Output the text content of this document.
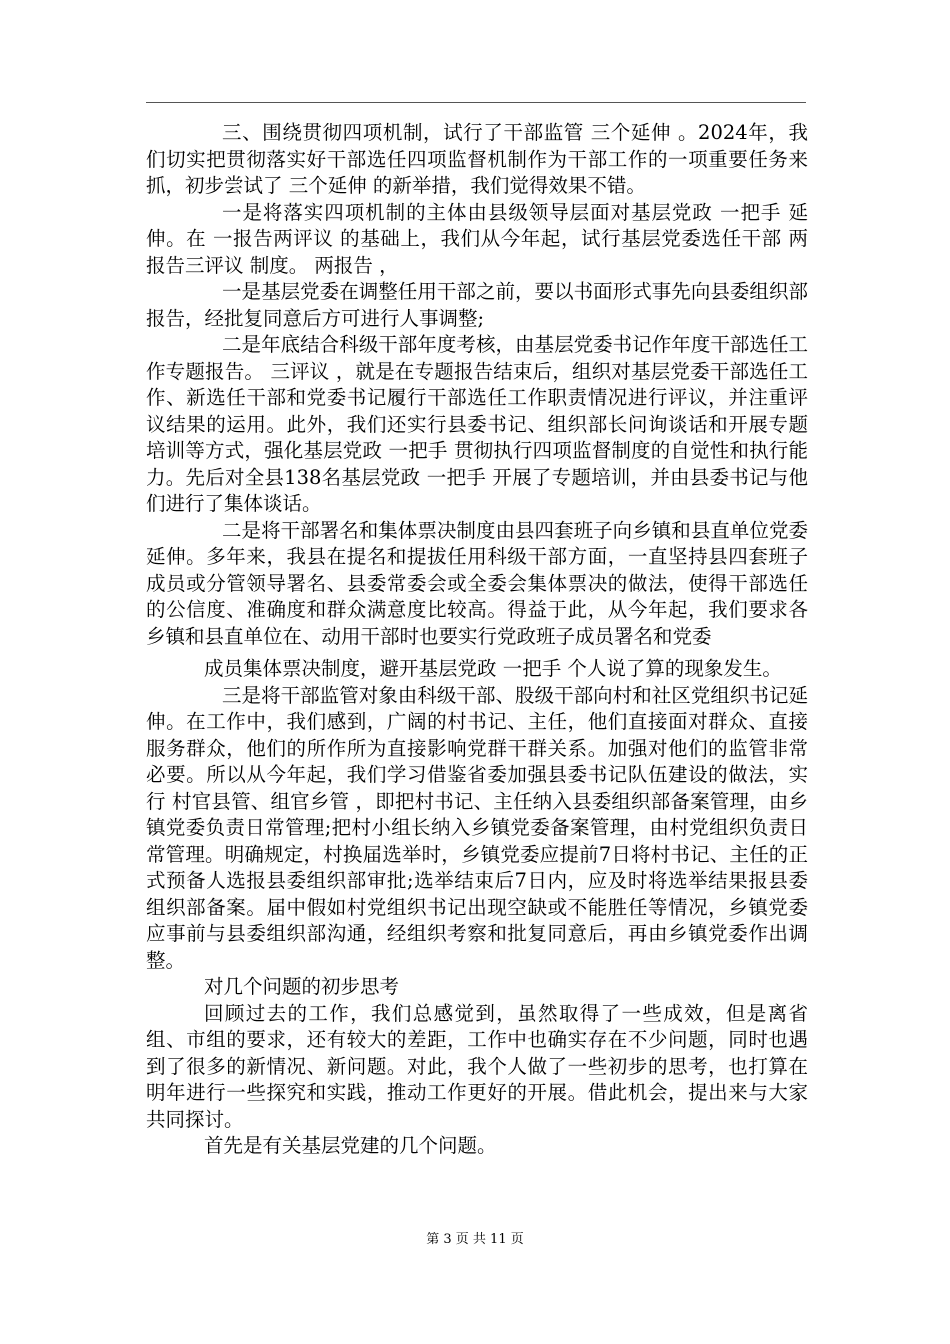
三、围绕贯彻四项机制，试行了干部监管 三个延伸 。2024年，我们切实把贯彻落实好干部选任四项监督机制作为干部工作的一项重要任务来抓，初步尝试了 三个延伸 的新举措，我们觉得效果不错。

一是将落实四项机制的主体由县级领导层面对基层党政 一把手 延伸。在 一报告两评议 的基础上，我们从今年起，试行基层党委选任干部 两报告三评议 制度。 两报告 ，

一是基层党委在调整任用干部之前，要以书面形式事先向县委组织部报告，经批复同意后方可进行人事调整;

二是年底结合科级干部年度考核，由基层党委书记作年度干部选任工作专题报告。 三评议 ，就是在专题报告结束后，组织对基层党委干部选任工作、新选任干部和党委书记履行干部选任工作职责情况进行评议，并注重评议结果的运用。此外，我们还实行县委书记、组织部长问询谈话和开展专题培训等方式，强化基层党政 一把手 贯彻执行四项监督制度的自觉性和执行能力。先后对全县138名基层党政 一把手 开展了专题培训，并由县委书记与他们进行了集体谈话。

二是将干部署名和集体票决制度由县四套班子向乡镇和县直单位党委延伸。多年来，我县在提名和提拔任用科级干部方面，一直坚持县四套班子成员或分管领导署名、县委常委会或全委会集体票决的做法，使得干部选任的公信度、准确度和群众满意度比较高。得益于此，从今年起，我们要求各乡镇和县直单位在、动用干部时也要实行党政班子成员署名和党委

成员集体票决制度，避开基层党政 一把手 个人说了算的现象发生。

三是将干部监管对象由科级干部、股级干部向村和社区党组织书记延伸。在工作中，我们感到，广阔的村书记、主任，他们直接面对群众、直接服务群众，他们的所作所为直接影响党群干群关系。加强对他们的监管非常必要。所以从今年起，我们学习借鉴省委加强县委书记队伍建设的做法，实行 村官县管、组官乡管 ，即把村书记、主任纳入县委组织部备案管理，由乡镇党委负责日常管理;把村小组长纳入乡镇党委备案管理，由村党组织负责日常管理。明确规定，村换届选举时，乡镇党委应提前7日将村书记、主任的正式预备人选报县委组织部审批;选举结束后7日内，应及时将选举结果报县委组织部备案。届中假如村党组织书记出现空缺或不能胜任等情况，乡镇党委应事前与县委组织部沟通，经组织考察和批复同意后，再由乡镇党委作出调整。

对几个问题的初步思考

回顾过去的工作，我们总感觉到，虽然取得了一些成效，但是离省组、市组的要求，还有较大的差距，工作中也确实存在不少问题，同时也遇到了很多的新情况、新问题。对此，我个人做了一些初步的思考，也打算在明年进行一些探究和实践，推动工作更好的开展。借此机会，提出来与大家共同探讨。

首先是有关基层党建的几个问题。

第 3 页 共 11 页
